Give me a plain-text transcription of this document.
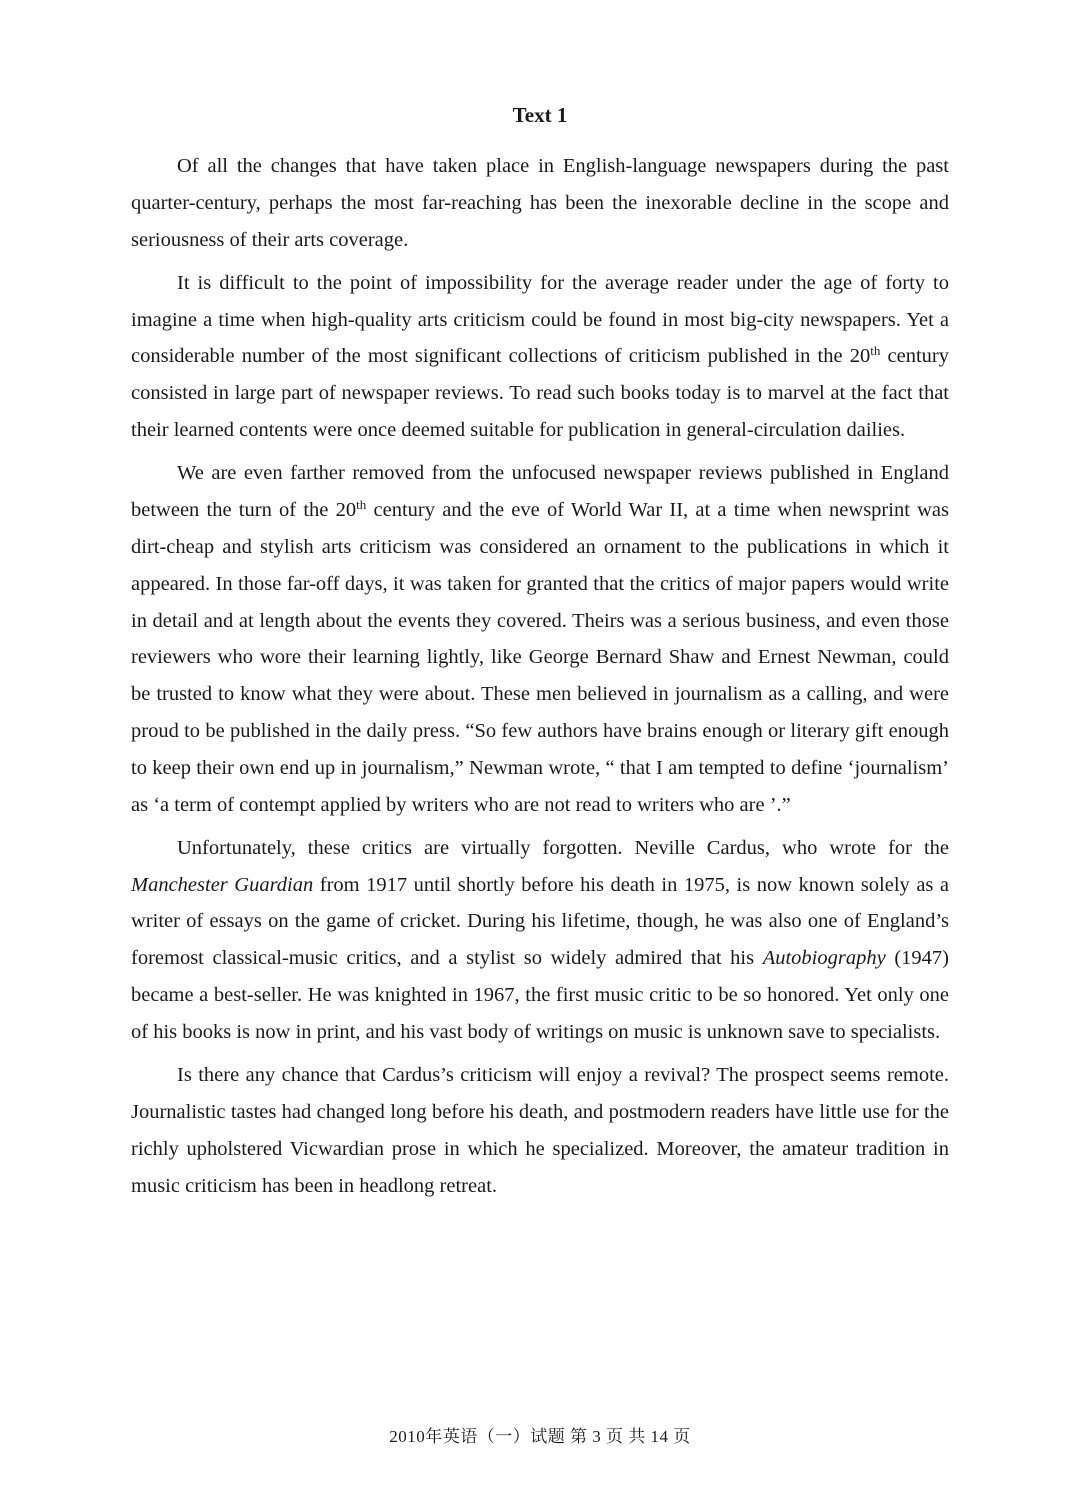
Text 1

Of all the changes that have taken place in English-language newspapers during the past quarter-century, perhaps the most far-reaching has been the inexorable decline in the scope and seriousness of their arts coverage.

It is difficult to the point of impossibility for the average reader under the age of forty to imagine a time when high-quality arts criticism could be found in most big-city newspapers. Yet a considerable number of the most significant collections of criticism published in the 20th century consisted in large part of newspaper reviews. To read such books today is to marvel at the fact that their learned contents were once deemed suitable for publication in general-circulation dailies.

We are even farther removed from the unfocused newspaper reviews published in England between the turn of the 20th century and the eve of World War II, at a time when newsprint was dirt-cheap and stylish arts criticism was considered an ornament to the publications in which it appeared. In those far-off days, it was taken for granted that the critics of major papers would write in detail and at length about the events they covered. Theirs was a serious business, and even those reviewers who wore their learning lightly, like George Bernard Shaw and Ernest Newman, could be trusted to know what they were about. These men believed in journalism as a calling, and were proud to be published in the daily press. “So few authors have brains enough or literary gift enough to keep their own end up in journalism,” Newman wrote, “ that I am tempted to define ‘journalism’ as ‘a term of contempt applied by writers who are not read to writers who are ’.”

Unfortunately, these critics are virtually forgotten. Neville Cardus, who wrote for the Manchester Guardian from 1917 until shortly before his death in 1975, is now known solely as a writer of essays on the game of cricket. During his lifetime, though, he was also one of England’s foremost classical-music critics, and a stylist so widely admired that his Autobiography (1947) became a best-seller. He was knighted in 1967, the first music critic to be so honored. Yet only one of his books is now in print, and his vast body of writings on music is unknown save to specialists.

Is there any chance that Cardus’s criticism will enjoy a revival? The prospect seems remote. Journalistic tastes had changed long before his death, and postmodern readers have little use for the richly upholstered Vicwardian prose in which he specialized. Moreover, the amateur tradition in music criticism has been in headlong retreat.

2010年英语（一）试题 第 3 页 共 14 页
